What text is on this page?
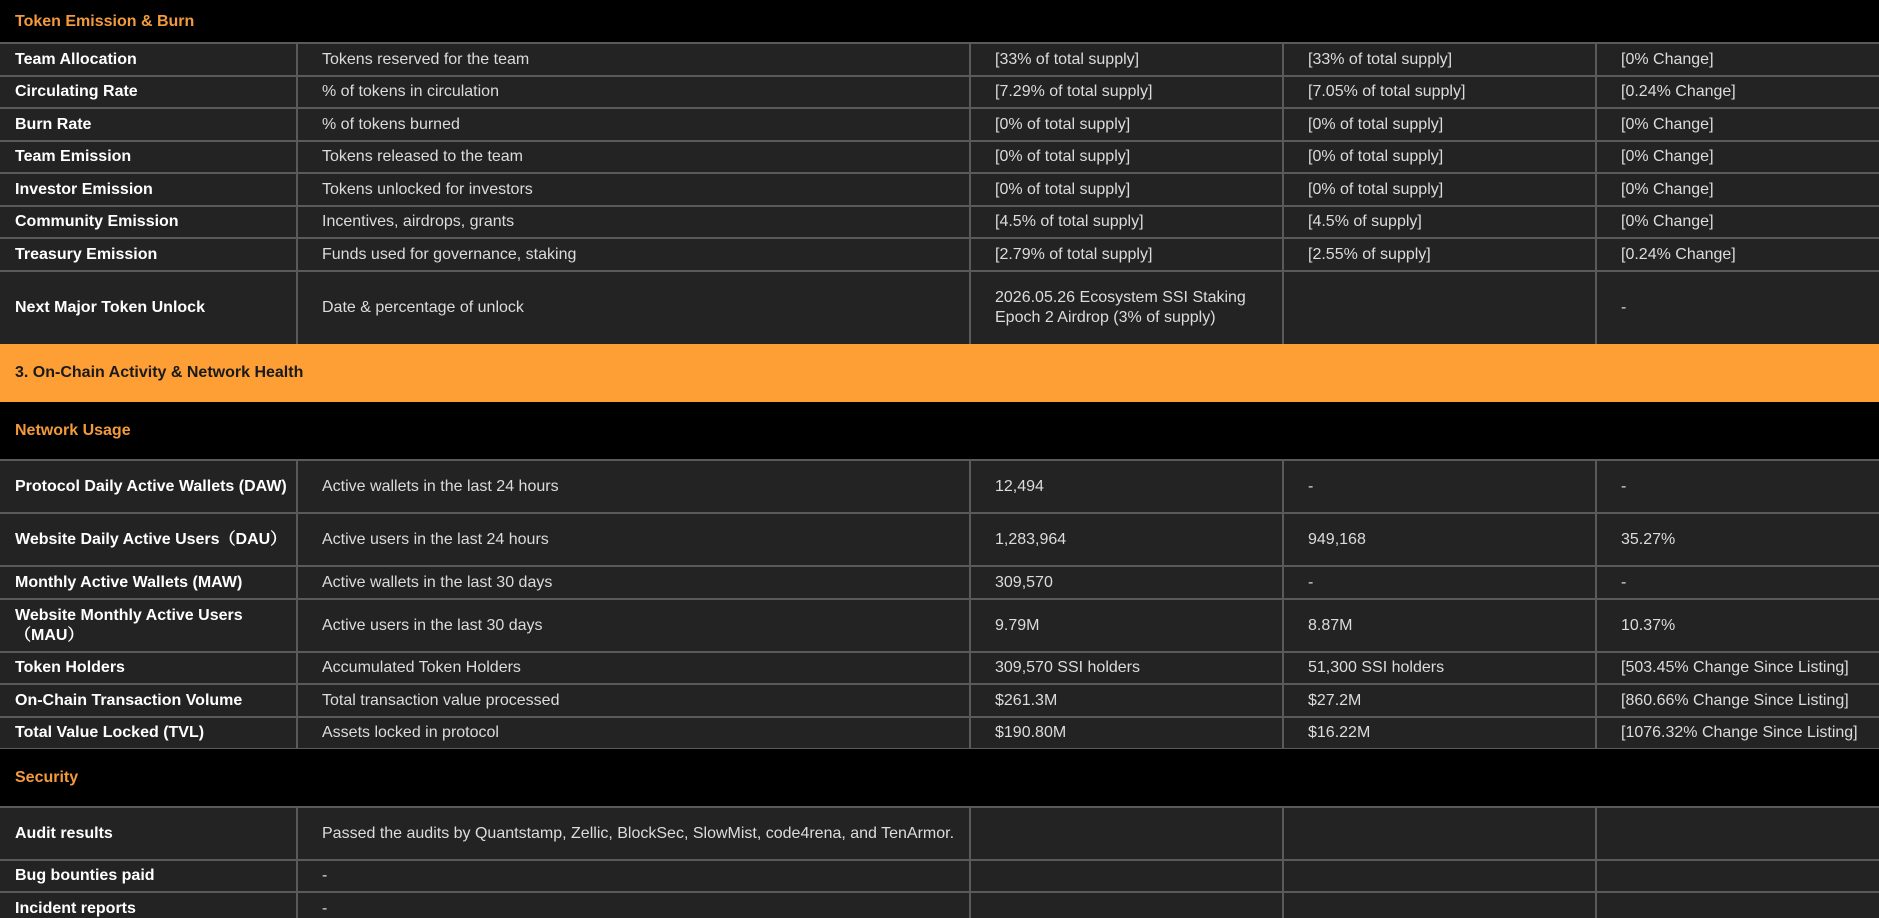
Token Emission & Burn
Team Allocation	Tokens reserved for the team	[33% of total supply]	[33% of total supply]	[0% Change]
Circulating Rate	% of tokens in circulation	[7.29% of total supply]	[7.05% of total supply]	[0.24% Change]
Burn Rate	% of tokens burned	[0% of total supply]	[0% of total supply]	[0% Change]
Team Emission	Tokens released to the team	[0% of total supply]	[0% of total supply]	[0% Change]
Investor Emission	Tokens unlocked for investors	[0% of total supply]	[0% of total supply]	[0% Change]
Community Emission	Incentives, airdrops, grants	[4.5% of total supply]	[4.5% of supply]	[0% Change]
Treasury Emission	Funds used for governance, staking	[2.79% of total supply]	[2.55% of supply]	[0.24% Change]
Next Major Token Unlock	Date & percentage of unlock	2026.05.26 Ecosystem SSI Staking Epoch 2 Airdrop (3% of supply)		-
3. On-Chain Activity & Network Health
Network Usage
Protocol Daily Active Wallets (DAW)	Active wallets in the last 24 hours	12,494	-	-
Website Daily Active Users（DAU）	Active users in the last 24 hours	1,283,964	949,168	35.27%
Monthly Active Wallets (MAW)	Active wallets in the last 30 days	309,570	-	-
Website Monthly Active Users（MAU）	Active users in the last 30 days	9.79M	8.87M	10.37%
Token Holders	Accumulated Token Holders	309,570 SSI holders	51,300 SSI holders	[503.45% Change Since Listing]
On-Chain Transaction Volume	Total transaction value processed	$261.3M	$27.2M	[860.66% Change Since Listing]
Total Value Locked (TVL)	Assets locked in protocol	$190.80M	$16.22M	[1076.32% Change Since Listing]
Security
Audit results	Passed the audits by Quantstamp, Zellic, BlockSec, SlowMist, code4rena, and TenArmor.			
Bug bounties paid	-			
Incident reports	-			
